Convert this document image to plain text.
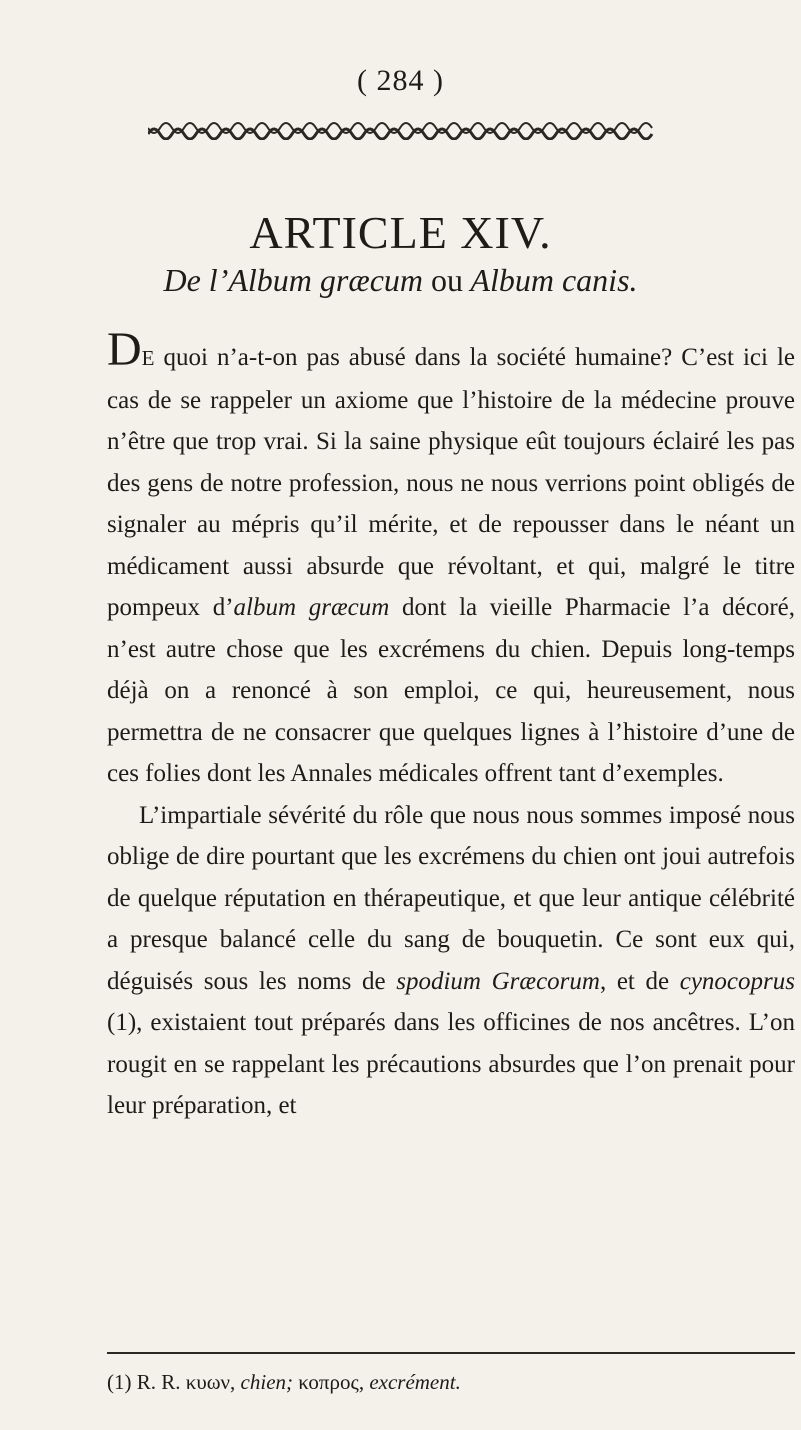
( 284 )
ARTICLE XIV.
De l’Album græcum ou Album canis.

DE quoi n’a-t-on pas abusé dans la société humaine? C’est ici le cas de se rappeler un axiome que l’histoire de la médecine prouve n’être que trop vrai. Si la saine physique eût toujours éclairé les pas des gens de notre profession, nous ne nous verrions point obligés de signaler au mépris qu’il mérite, et de repousser dans le néant un médicament aussi absurde que révoltant, et qui, malgré le titre pompeux d’album græcum dont la vieille Pharmacie l’a décoré, n’est autre chose que les excrémens du chien. Depuis long-temps déjà on a renoncé à son emploi, ce qui, heureusement, nous permettra de ne consacrer que quelques lignes à l’histoire d’une de ces folies dont les Annales médicales offrent tant d’exemples.

L’impartiale sévérité du rôle que nous nous sommes imposé nous oblige de dire pourtant que les excrémens du chien ont joui autrefois de quelque réputation en thérapeutique, et que leur antique célébrité a presque balancé celle du sang de bouquetin. Ce sont eux qui, déguisés sous les noms de spodium Græcorum, et de cynocoprus (1), existaient tout préparés dans les officines de nos ancêtres. L’on rougit en se rappelant les précautions absurdes que l’on prenait pour leur préparation, et

(1) R. R. κυων, chien; κοπρος, excrément.
